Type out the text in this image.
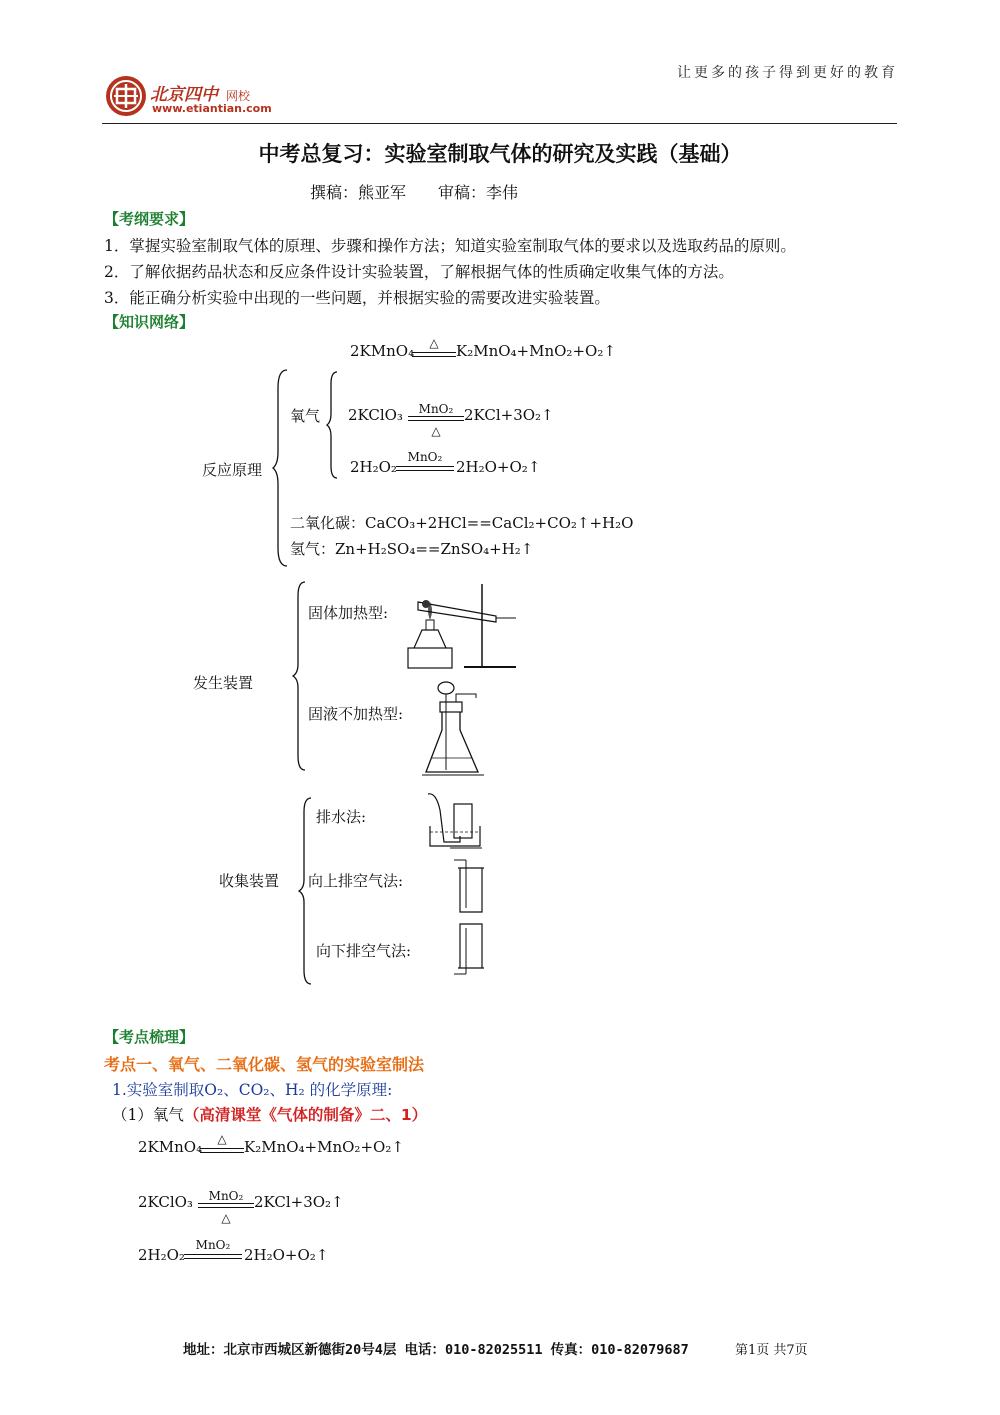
让更多的孩子得到更好的教育
北京四中 网校
www.etiantian.com
中考总复习：实验室制取气体的研究及实践（基础）
撰稿：熊亚军　　审稿：李伟
【考纲要求】
1．掌握实验室制取气体的原理、步骤和操作方法；知道实验室制取气体的要求以及选取药品的原则。
2．了解依据药品状态和反应条件设计实验装置，了解根据气体的性质确定收集气体的方法。
3．能正确分析实验中出现的一些问题，并根据实验的需要改进实验装置。
【知识网络】
2KMnO₄	△	K₂MnO₄+MnO₂+O₂↑
氧气 2KClO₃	MnO₂
△
2KCl+3O₂↑
2H₂O₂
MnO₂
2H₂O+O₂↑
反应原理
二氧化碳：CaCO₃+2HCl==CaCl₂+CO₂↑+H₂O
氢气：Zn+H₂SO₄==ZnSO₄+H₂↑
发生装置
固体加热型:
固液不加热型:
收集装置
排水法:
向上排空气法:
向下排空气法:
【考点梳理】
考点一、氧气、二氧化碳、氢气的实验室制法
1.实验室制取O₂、CO₂、H₂ 的化学原理:
（1）氧气（高清课堂《气体的制备》二、1）
2KMnO₄	△	K₂MnO₄+MnO₂+O₂↑
2KClO₃	MnO₂
△
2KCl+3O₂↑
2H₂O₂
MnO₂
2H₂O+O₂↑
地址：北京市西城区新德街20号4层 电话：010-82025511 传真：010-82079687	第1页 共7页
